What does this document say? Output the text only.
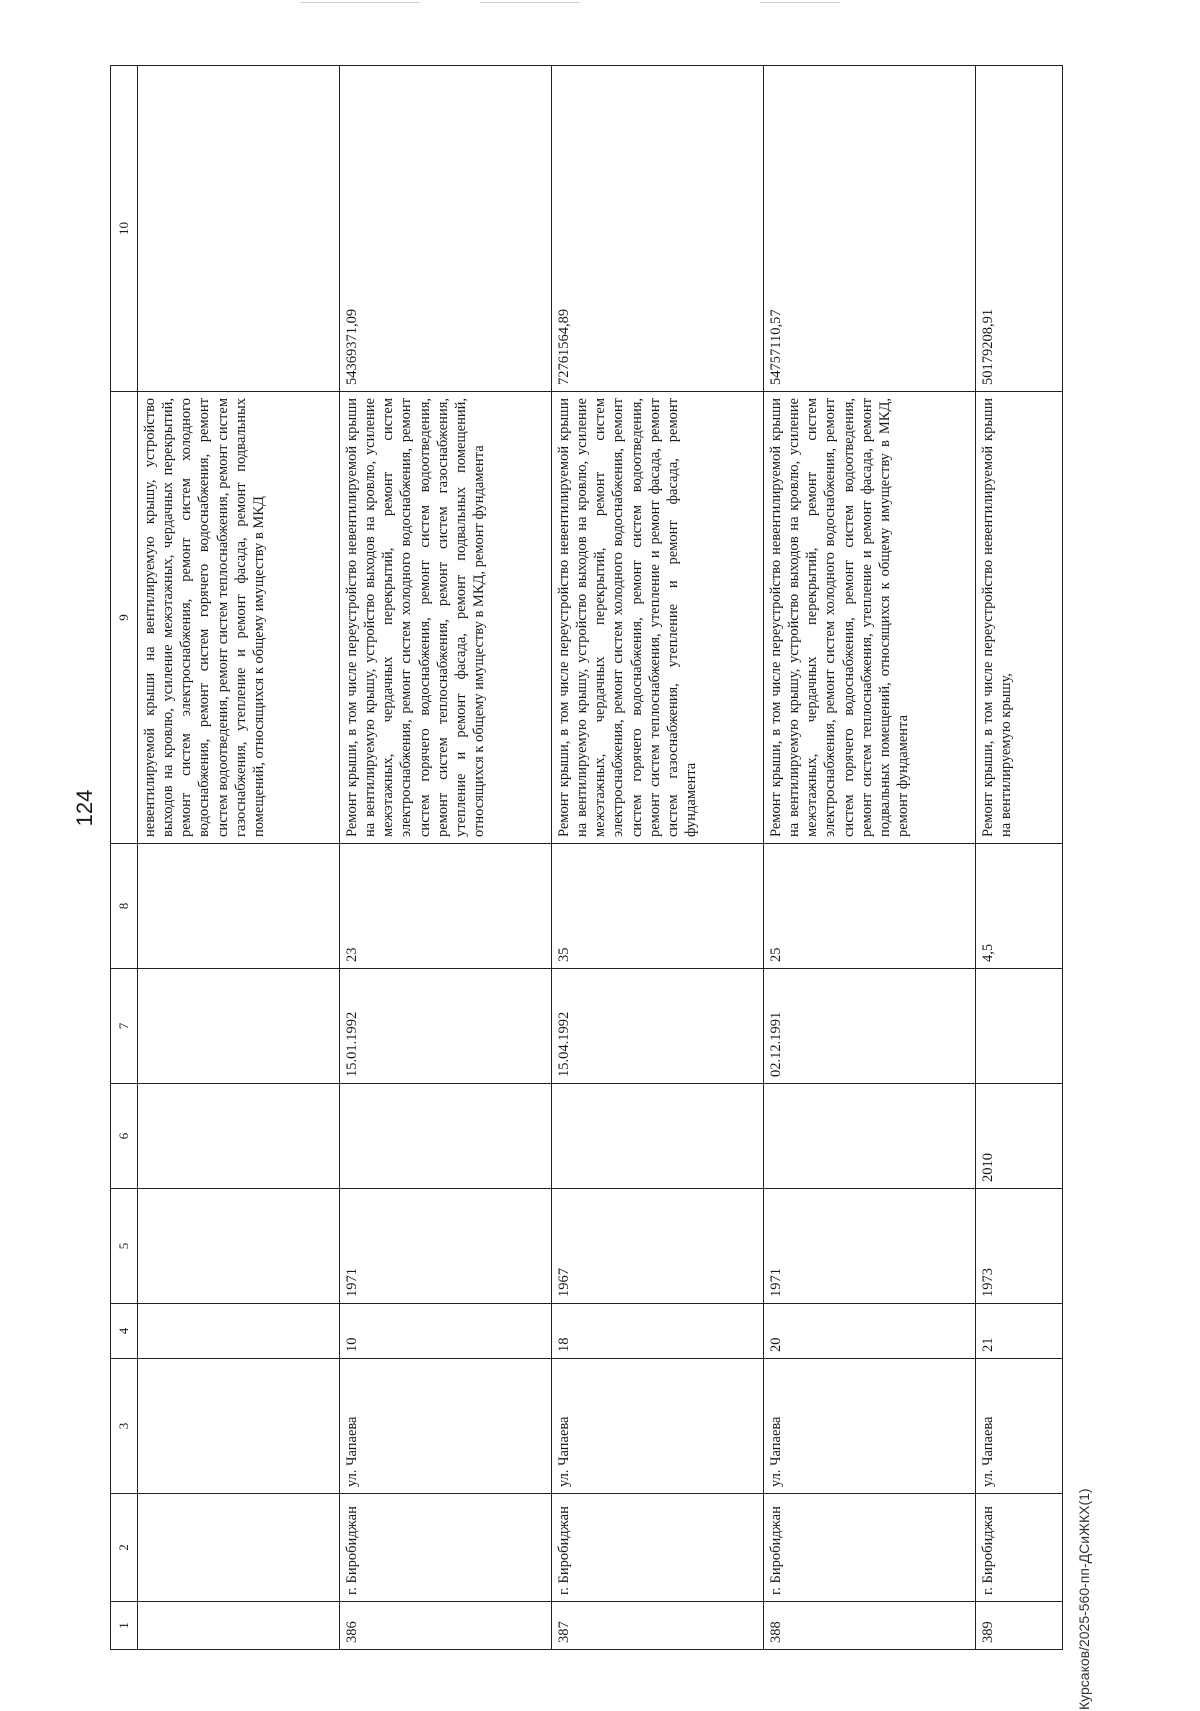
124
1	2	3	4	5	6	7	8	9	10
								невентилируемой крыши на вентилируемую крышу, устройство выходов на кровлю, усиление межэтажных, чердачных перекрытий, ремонт систем электроснабжения, ремонт систем холодного водоснабжения, ремонт систем горячего водоснабжения, ремонт систем водоотведения, ремонт систем теплоснабжения, ремонт систем газоснабжения, утепление и ремонт фасада, ремонт подвальных помещений, относящихся к общему имуществу в МКД	
386	г. Биробиджан	ул. Чапаева	10	1971		15.01.1992	23	Ремонт крыши, в том числе переустройство невентилируемой крыши на вентилируемую крышу, устройство выходов на кровлю, усиление межэтажных, чердачных перекрытий, ремонт систем электроснабжения, ремонт систем холодного водоснабжения, ремонт систем горячего водоснабжения, ремонт систем водоотведения, ремонт систем теплоснабжения, ремонт систем газоснабжения, утепление и ремонт фасада, ремонт подвальных помещений, относящихся к общему имуществу в МКД, ремонт фундамента	54369371,09
387	г. Биробиджан	ул. Чапаева	18	1967		15.04.1992	35	Ремонт крыши, в том числе переустройство невентилируемой крыши на вентилируемую крышу, устройство выходов на кровлю, усиление межэтажных, чердачных перекрытий, ремонт систем электроснабжения, ремонт систем холодного водоснабжения, ремонт систем горячего водоснабжения, ремонт систем водоотведения, ремонт систем теплоснабжения, утепление и ремонт фасада, ремонт систем газоснабжения, утепление и ремонт фасада, ремонт фундамента	72761564,89
388	г. Биробиджан	ул. Чапаева	20	1971		02.12.1991	25	Ремонт крыши, в том числе переустройство невентилируемой крыши на вентилируемую крышу, устройство выходов на кровлю, усиление межэтажных, чердачных перекрытий, ремонт систем электроснабжения, ремонт систем холодного водоснабжения, ремонт систем горячего водоснабжения, ремонт систем водоотведения, ремонт систем теплоснабжения, утепление и ремонт фасада, ремонт подвальных помещений, относящихся к общему имуществу в МКД, ремонт фундамента	54757110,57
389	г. Биробиджан	ул. Чапаева	21	1973	2010		4,5	Ремонт крыши, в том числе переустройство невентилируемой крыши на вентилируемую крышу,	50179208,91
Курсаков/2025-560-пп-ДСиЖКХ(1)
